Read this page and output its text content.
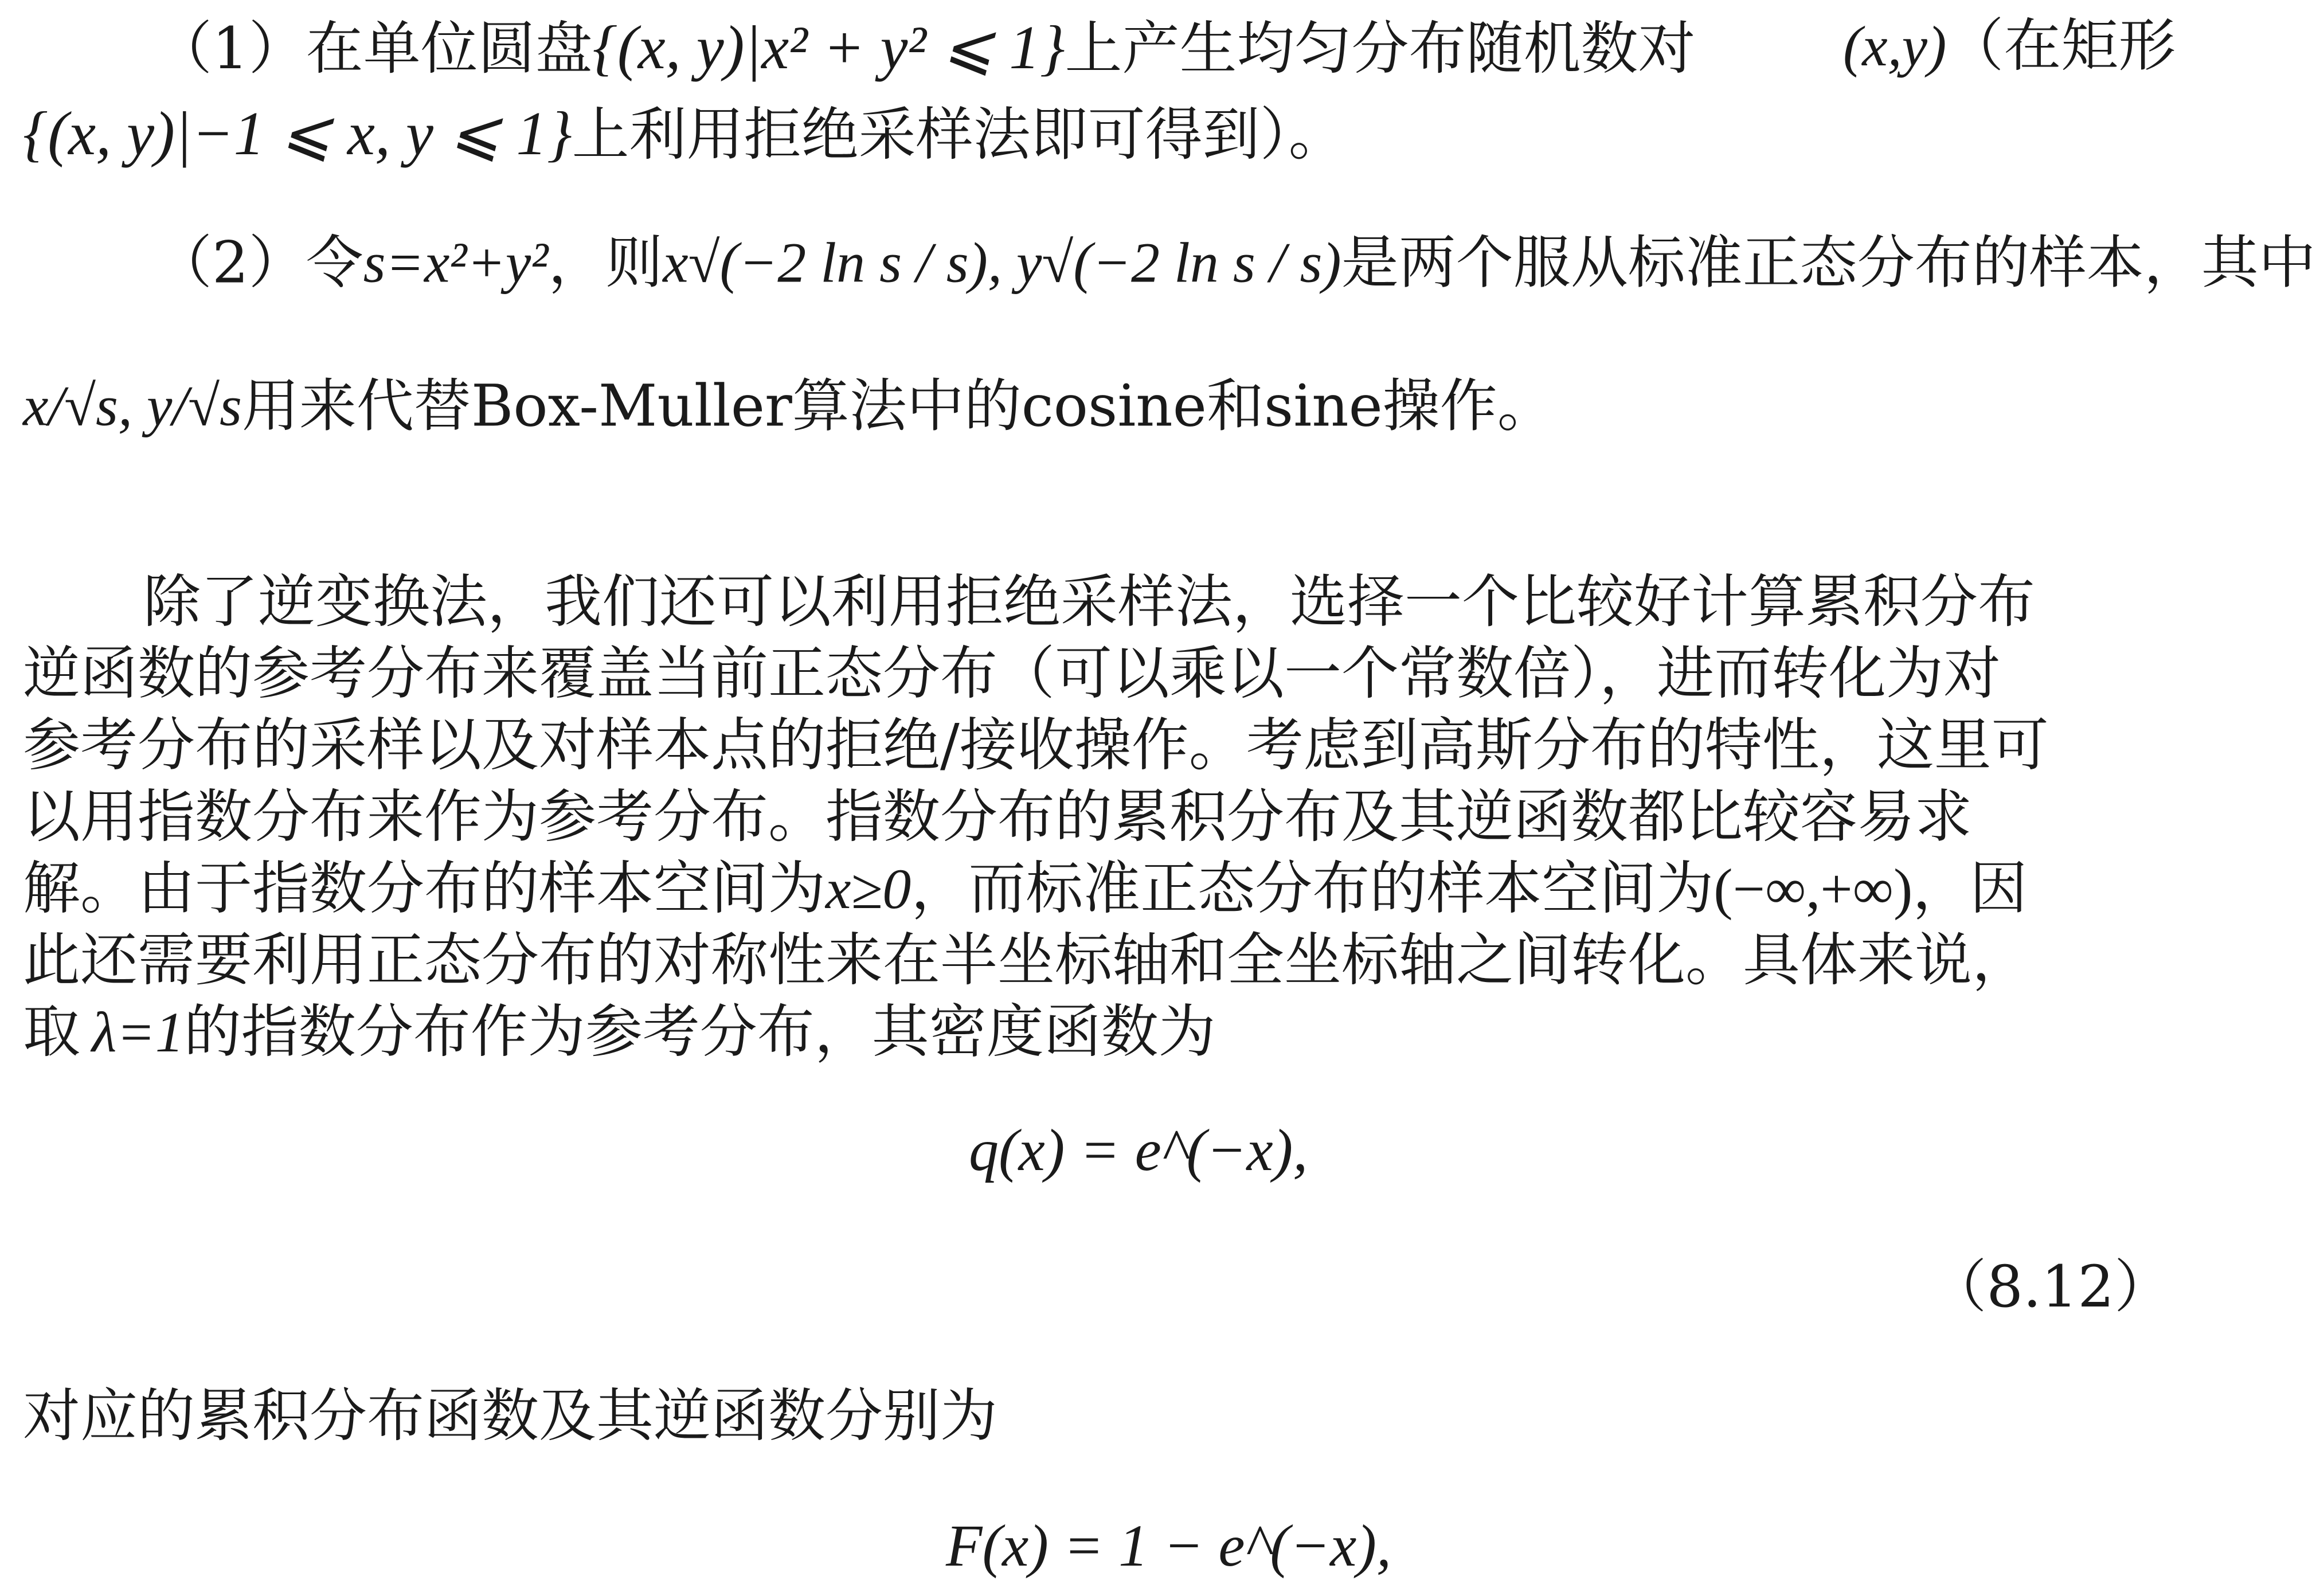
（1）在单位圆盘{(x, y)|x² + y² ⩽ 1}上产生均匀分布随机数对	(x,y)（在矩形
{(x, y)|−1 ⩽ x, y ⩽ 1}上利用拒绝采样法即可得到）。
（2）令s=x²+y²，则x√(−2 ln s / s), y√(−2 ln s / s)是两个服从标准正态分布的样本，其中
x/√s, y/√s用来代替Box-Muller算法中的cosine和sine操作。
除了逆变换法，我们还可以利用拒绝采样法，选择一个比较好计算累积分布
逆函数的参考分布来覆盖当前正态分布（可以乘以一个常数倍），进而转化为对
参考分布的采样以及对样本点的拒绝/接收操作。考虑到高斯分布的特性，这里可
以用指数分布来作为参考分布。指数分布的累积分布及其逆函数都比较容易求
解。由于指数分布的样本空间为x≥0，而标准正态分布的样本空间为(−∞,+∞)，因
此还需要利用正态分布的对称性来在半坐标轴和全坐标轴之间转化。具体来说，
取 λ=1的指数分布作为参考分布，其密度函数为
q(x) = e^(−x),
（8.12）
对应的累积分布函数及其逆函数分别为
F(x) = 1 − e^(−x),
